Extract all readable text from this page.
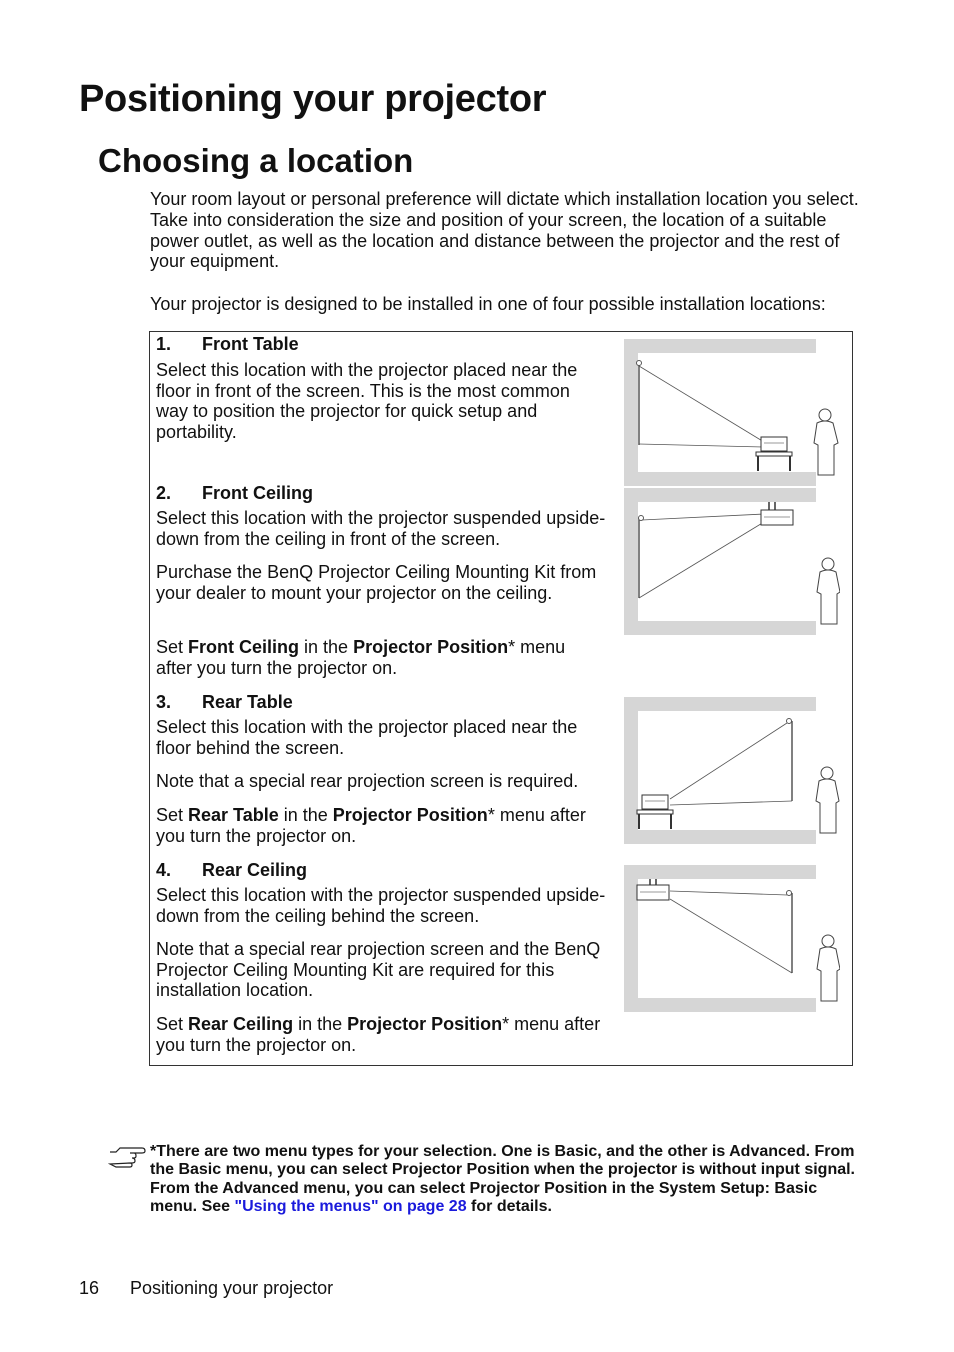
Positioning your projector
Choosing a location

Your room layout or personal preference will dictate which installation location you select. Take into consideration the size and position of your screen, the location of a suitable power outlet, as well as the location and distance between the projector and the rest of your equipment.

Your projector is designed to be installed in one of four possible installation locations:

1. Front Table

Select this location with the projector placed near the floor in front of the screen. This is the most common way to position the projector for quick setup and portability.

2. Front Ceiling

Select this location with the projector suspended upside-down from the ceiling in front of the screen.

Purchase the BenQ Projector Ceiling Mounting Kit from your dealer to mount your projector on the ceiling.

Set Front Ceiling in the Projector Position* menu after you turn the projector on.

3. Rear Table

Select this location with the projector placed near the floor behind the screen.

Note that a special rear projection screen is required.

Set Rear Table in the Projector Position* menu after you turn the projector on.

4. Rear Ceiling

Select this location with the projector suspended upside-down from the ceiling behind the screen.

Note that a special rear projection screen and the BenQ Projector Ceiling Mounting Kit are required for this installation location.

Set Rear Ceiling in the Projector Position* menu after you turn the projector on.

*There are two menu types for your selection. One is Basic, and the other is Advanced. From the Basic menu, you can select Projector Position when the projector is without input signal. From the Advanced menu, you can select Projector Position in the System Setup: Basic menu. See "Using the menus" on page 28 for details.

16 Positioning your projector
